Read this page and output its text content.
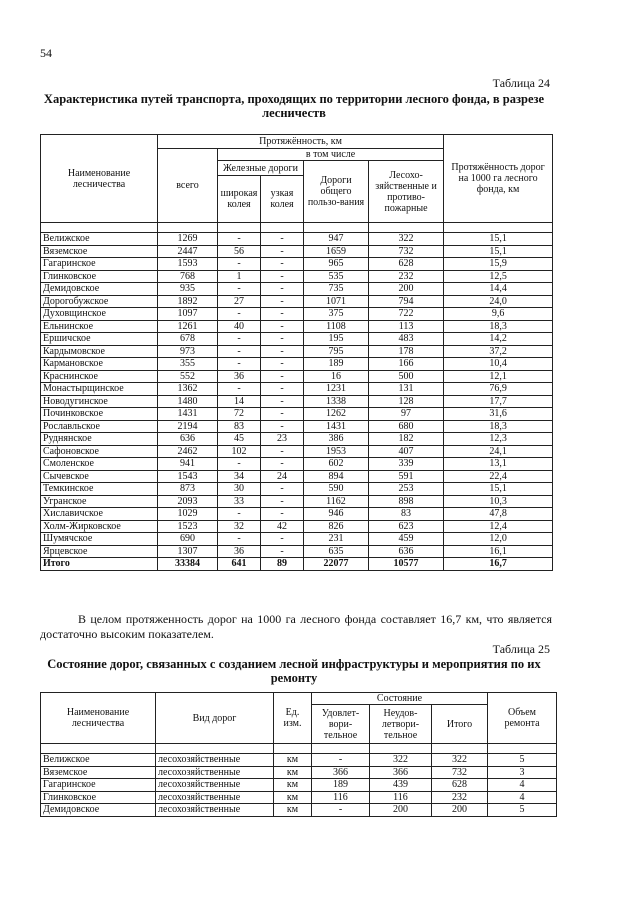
54
Таблица 24
Характеристика путей транспорта, проходящих по территории лесного фонда, в разрезе лесничеств
Наименование лесничества	Протяжённость, км					Протяжённость дорог на 1000 га лесного фонда, км
	всего	в том числе				
		Железные дороги		Дороги общего пользо-вания	Лесохо-зяйственные и противо-пожарные	
		широкая колея	узкая колея			

Велижское	1269	-	-	947	322	15,1
Вяземское	2447	56	-	1659	732	15,1
Гагаринское	1593	-	-	965	628	15,9
Глинковское	768	1	-	535	232	12,5
Демидовское	935	-	-	735	200	14,4
Дорогобужское	1892	27	-	1071	794	24,0
Духовщинское	1097	-	-	375	722	9,6
Ельнинское	1261	40	-	1108	113	18,3
Ершичское	678	-	-	195	483	14,2
Кардымовское	973	-	-	795	178	37,2
Кармановское	355	-	-	189	166	10,4
Краснинское	552	36	-	16	500	12,1
Монастырщинское	1362	-	-	1231	131	76,9
Новодугинское	1480	14	-	1338	128	17,7
Починковское	1431	72	-	1262	97	31,6
Рославльское	2194	83	-	1431	680	18,3
Руднянское	636	45	23	386	182	12,3
Сафоновское	2462	102	-	1953	407	24,1
Смоленское	941	-	-	602	339	13,1
Сычевское	1543	34	24	894	591	22,4
Темкинское	873	30	-	590	253	15,1
Угранское	2093	33	-	1162	898	10,3
Хиславичское	1029	-	-	946	83	47,8
Холм-Жирковское	1523	32	42	826	623	12,4
Шумячское	690	-	-	231	459	12,0
Ярцевское	1307	36	-	635	636	16,1
Итого	33384	641	89	22077	10577	16,7
В целом протяженность дорог на 1000 га лесного фонда составляет 16,7 км, что является достаточно высоким показателем.
Таблица 25
Состояние дорог, связанных с созданием лесной инфраструктуры и мероприятия по их ремонту
Наименование лесничества	Вид дорог	Ед. изм.	Состояние			Объем ремонта
			Удовлет-вори-тельное	Неудов-летвори-тельное	Итого	

Велижское	лесохозяйственные	км	-	322	322	5
Вяземское	лесохозяйственные	км	366	366	732	3
Гагаринское	лесохозяйственные	км	189	439	628	4
Глинковское	лесохозяйственные	км	116	116	232	4
Демидовское	лесохозяйственные	км	-	200	200	5
